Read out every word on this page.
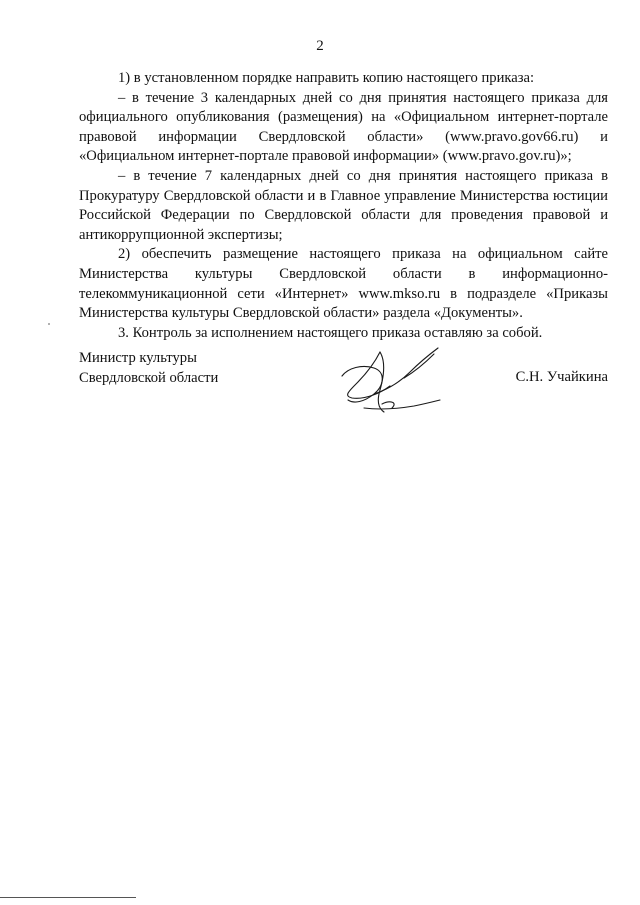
2

1) в установленном порядке направить копию настоящего приказа:

– в течение 3 календарных дней со дня принятия настоящего приказа для официального опубликования (размещения) на «Официальном интернет-портале правовой информации Свердловской области» (www.pravo.gov66.ru) и «Официальном интернет-портале правовой информации» (www.pravo.gov.ru)»;

– в течение 7 календарных дней со дня принятия настоящего приказа в Прокуратуру Свердловской области и в Главное управление Министерства юстиции Российской Федерации по Свердловской области для проведения правовой и антикоррупционной экспертизы;

2) обеспечить размещение настоящего приказа на официальном сайте Министерства культуры Свердловской области в информационно-телекоммуникационной сети «Интернет» www.mkso.ru в подразделе «Приказы Министерства культуры Свердловской области» раздела «Документы».

3. Контроль за исполнением настоящего приказа оставляю за собой.

Министр культуры
Свердловской области	С.Н. Учайкина
